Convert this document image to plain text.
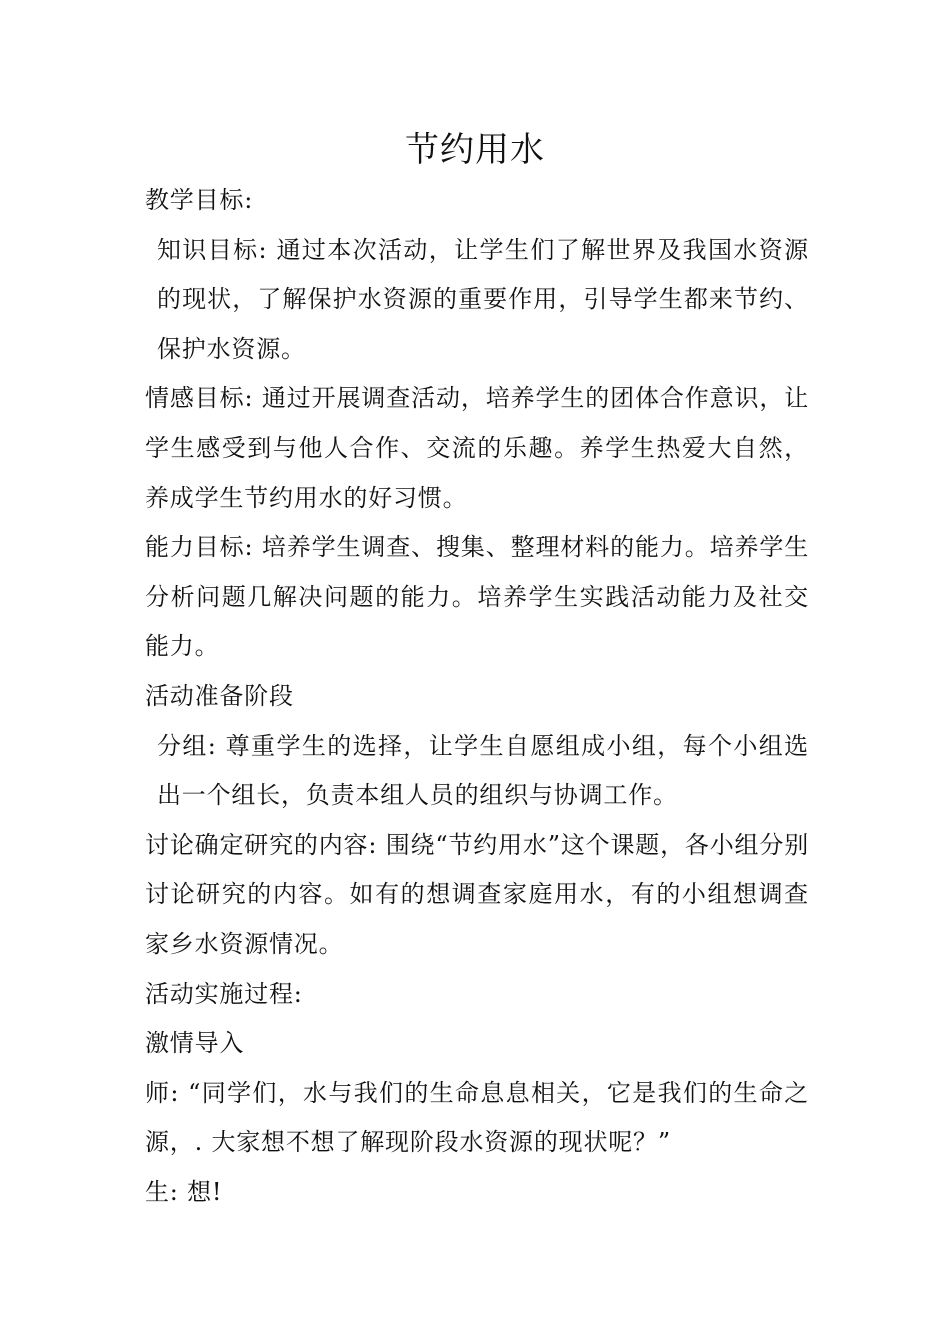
节约用水

教学目标:

知识目标: 通过本次活动，让学生们了解世界及我国水资源的现状，了解保护水资源的重要作用，引导学生都来节约、保护水资源。

情感目标: 通过开展调查活动，培养学生的团体合作意识，让学生感受到与他人合作、交流的乐趣。养学生热爱大自然，养成学生节约用水的好习惯。

能力目标: 培养学生调查、搜集、整理材料的能力。培养学生分析问题几解决问题的能力。培养学生实践活动能力及社交能力。

活动准备阶段

分组: 尊重学生的选择，让学生自愿组成小组，每个小组选出一个组长，负责本组人员的组织与协调工作。

讨论确定研究的内容: 围绕“节约用水”这个课题，各小组分别讨论研究的内容。如有的想调查家庭用水，有的小组想调查家乡水资源情况。

活动实施过程:

激情导入

师: “同学们，水与我们的生命息息相关，它是我们的生命之源，. 大家想不想了解现阶段水资源的现状呢？”

生: 想!
